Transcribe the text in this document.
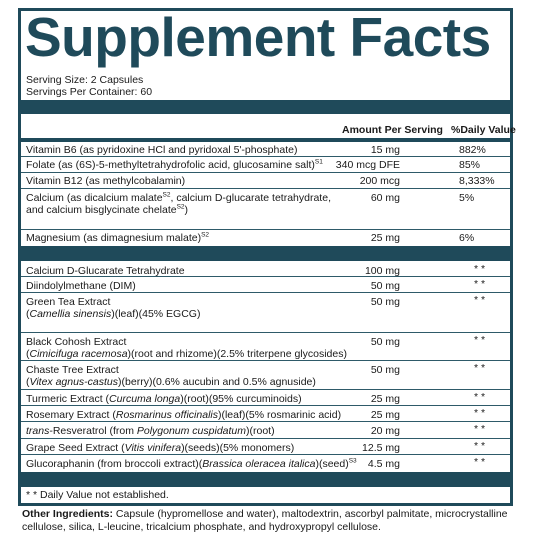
Supplement Facts
Serving Size: 2 Capsules
Servings Per Container: 60
Amount Per Serving %Daily Value
Vitamin B6 (as pyridoxine HCl and pyridoxal 5'-phosphate)	15 mg	882%
Folate (as (6S)-5-methyltetrahydrofolic acid, glucosamine salt)$^{S1}$ 340 mcg DFE	85%
Vitamin B12 (as methylcobalamin)	200 mcg	8,333%
Calcium (as dicalcium malate$^{S2}$, calcium D-glucarate tetrahydrate,
and calcium bisglycinate chelate$^{S2}$)
60 mg	5%
Magnesium (as dimagnesium malate)$^{S2}$	25 mg	6%
Calcium D-Glucarate Tetrahydrate	100 mg	* *
Diindolylmethane (DIM)	50 mg	* *
Green Tea Extract
(Camellia sinensis)(leaf)(45% EGCG)
50 mg	* *
Black Cohosh Extract
(Cimicifuga racemosa)(root and rhizome)(2.5% triterpene glycosides)
50 mg	* *
Chaste Tree Extract
(Vitex agnus-castus)(berry)(0.6% aucubin and 0.5% agnuside)
50 mg	* *
Turmeric Extract (Curcuma longa)(root)(95% curcuminoids)	25 mg	* *
Rosemary Extract (Rosmarinus officinalis)(leaf)(5% rosmarinic acid)	25 mg	* *
trans-Resveratrol (from Polygonum cuspidatum)(root)	20 mg	* *
Grape Seed Extract (Vitis vinifera)(seeds)(5% monomers)	12.5 mg	* *
Glucoraphanin (from broccoli extract)(Brassica oleracea italica)(seed)$^{S3}$ 4.5 mg	* *
* * Daily Value not established.
Other Ingredients: Capsule (hypromellose and water), maltodextrin, ascorbyl palmitate, microcrystalline cellulose, silica, L-leucine, tricalcium phosphate, and hydroxypropyl cellulose.
